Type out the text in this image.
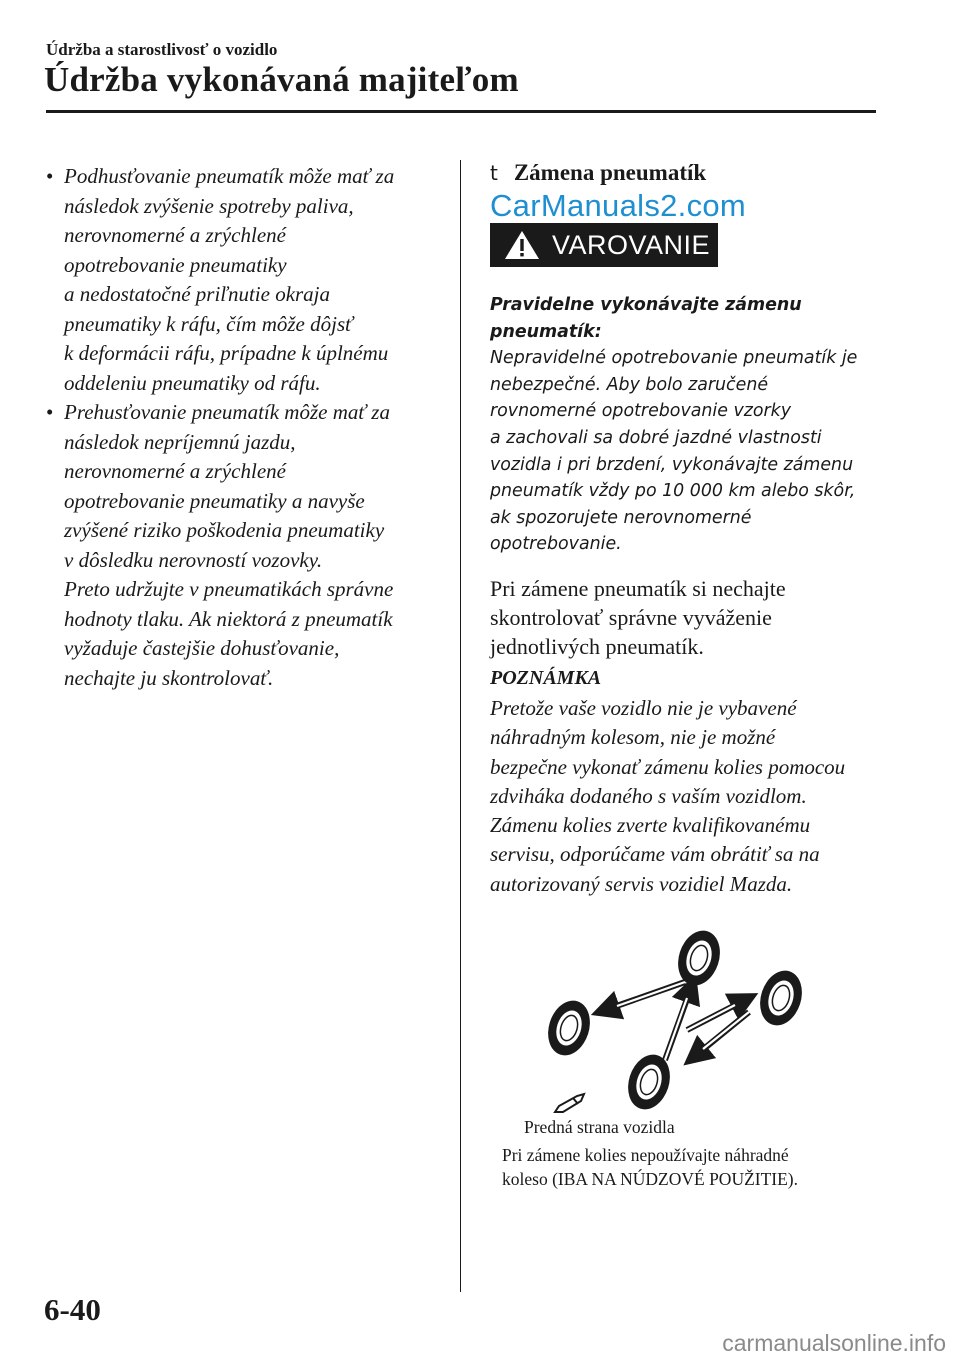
Údržba a starostlivosť o vozidlo
Údržba vykonávaná majiteľom
• Podhusťovanie pneumatík môže mať za

následok zvýšenie spotreby paliva,

nerovnomerné a zrýchlené

opotrebovanie pneumatiky

a nedostatočné priľnutie okraja

pneumatiky k ráfu, čím môže dôjsť

k deformácii ráfu, prípadne k úplnému

oddeleniu pneumatiky od ráfu.

• Prehusťovanie pneumatík môže mať za

následok nepríjemnú jazdu,

nerovnomerné a zrýchlené

opotrebovanie pneumatiky a navyše

zvýšené riziko poškodenia pneumatiky

v dôsledku nerovností vozovky.

Preto udržujte v pneumatikách správne

hodnoty tlaku. Ak niektorá z pneumatík

vyžaduje častejšie dohusťovanie,

nechajte ju skontrolovať.

t Zámena pneumatík
CarManuals2.com
VAROVANIE
Pravidelne vykonávajte zámenu
pneumatík:
Nepravidelné opotrebovanie pneumatík je
nebezpečné. Aby bolo zaručené
rovnomerné opotrebovanie vzorky
a zachovali sa dobré jazdné vlastnosti
vozidla i pri brzdení, vykonávajte zámenu
pneumatík vždy po 10 000 km alebo skôr,
ak spozorujete nerovnomerné
opotrebovanie.
Pri zámene pneumatík si nechajte
skontrolovať správne vyváženie
jednotlivých pneumatík.
POZNÁMKA
Pretože vaše vozidlo nie je vybavené
náhradným kolesom, nie je možné
bezpečne vykonať zámenu kolies pomocou
zdviháka dodaného s vaším vozidlom.
Zámenu kolies zverte kvalifikovanému
servisu, odporúčame vám obrátiť sa na
autorizovaný servis vozidiel Mazda.
Predná strana vozidla
Pri zámene kolies nepoužívajte náhradné
koleso (IBA NA NÚDZOVÉ POUŽITIE).
6-40
carmanualsonline.info
